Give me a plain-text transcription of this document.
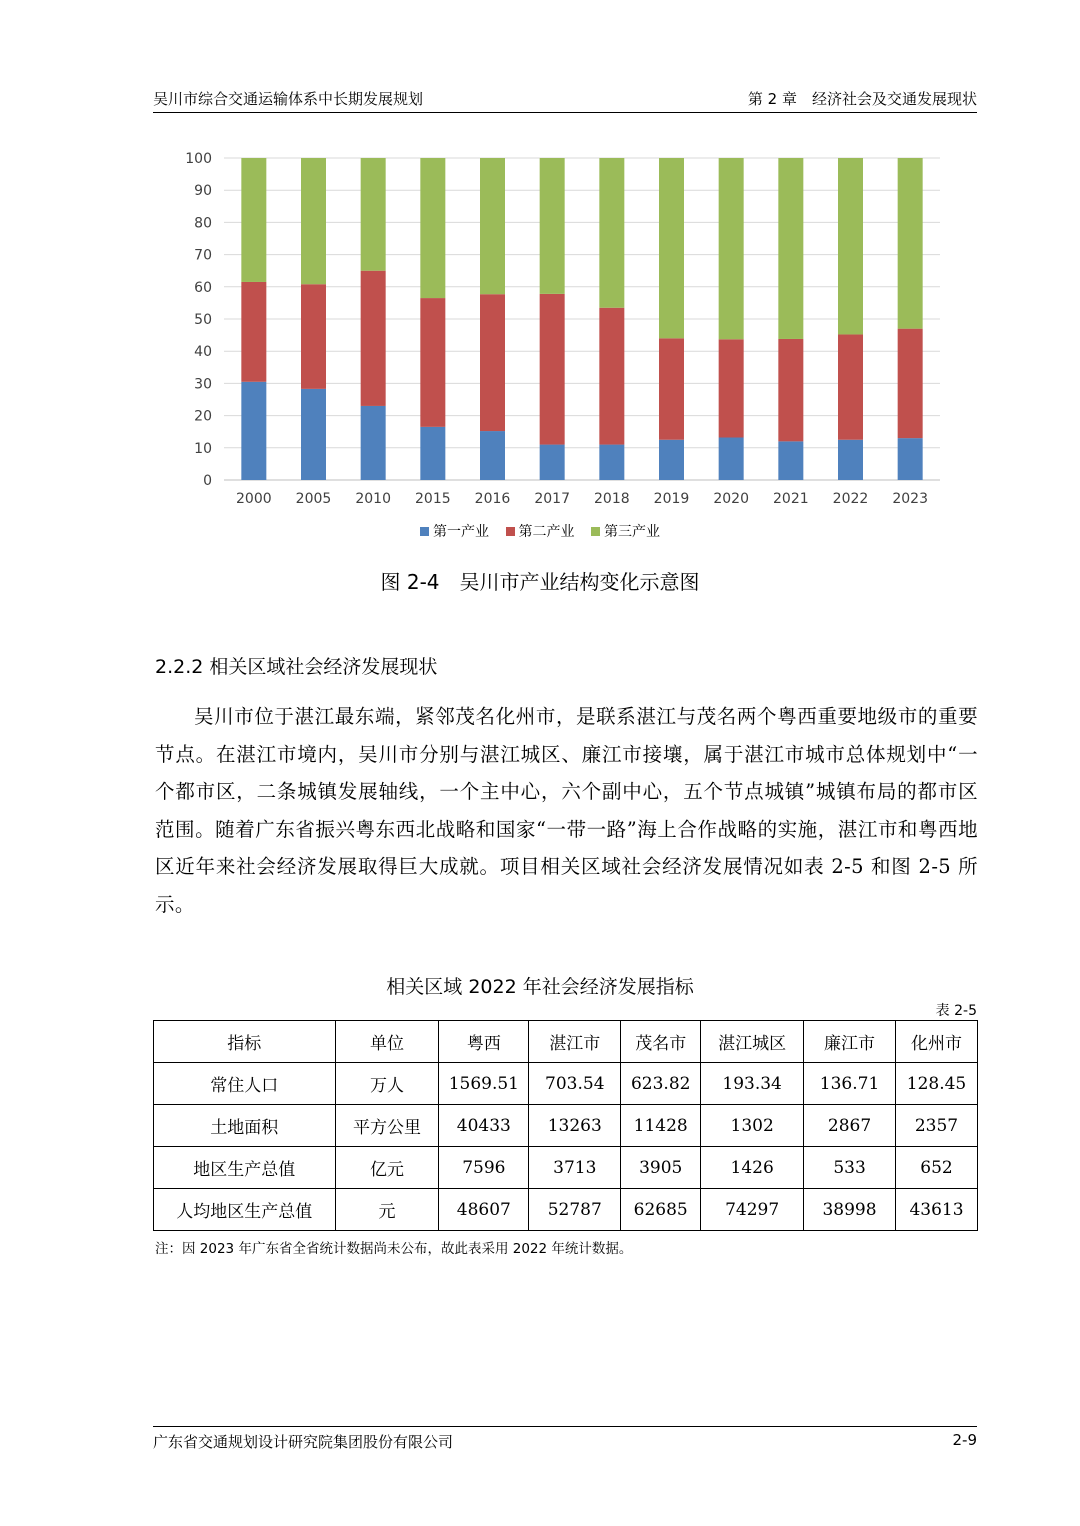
吴川市综合交通运输体系中长期发展规划	第 2 章　经济社会及交通发展现状
0
10
20
30
40
50
60
70
80
90
100
2000 2005 2010 2015 2016 2017 2018 2019 2020 2021 2022 2023
第一产业 第二产业 第三产业
图 2-4　吴川市产业结构变化示意图
2.2.2 相关区域社会经济发展现状
吴川市位于湛江最东端，紧邻茂名化州市，是联系湛江与茂名两个粤西重要地级市的重要节点。在湛江市境内，吴川市分别与湛江城区、廉江市接壤，属于湛江市城市总体规划中“一个都市区，二条城镇发展轴线，一个主中心，六个副中心，五个节点城镇”城镇布局的都市区范围。随着广东省振兴粤东西北战略和国家“一带一路”海上合作战略的实施，湛江市和粤西地区近年来社会经济发展取得巨大成就。项目相关区域社会经济发展情况如表 2-5 和图 2-5 所示。
相关区域 2022 年社会经济发展指标
表 2-5
指标	单位	粤西	湛江市	茂名市	湛江城区	廉江市	化州市
常住人口	万人	1569.51	703.54	623.82	193.34	136.71	128.45
土地面积	平方公里	40433	13263	11428	1302	2867	2357
地区生产总值	亿元	7596	3713	3905	1426	533	652
人均地区生产总值	元	48607	52787	62685	74297	38998	43613
注：因 2023 年广东省全省统计数据尚未公布，故此表采用 2022 年统计数据。
广东省交通规划设计研究院集团股份有限公司	2-9
